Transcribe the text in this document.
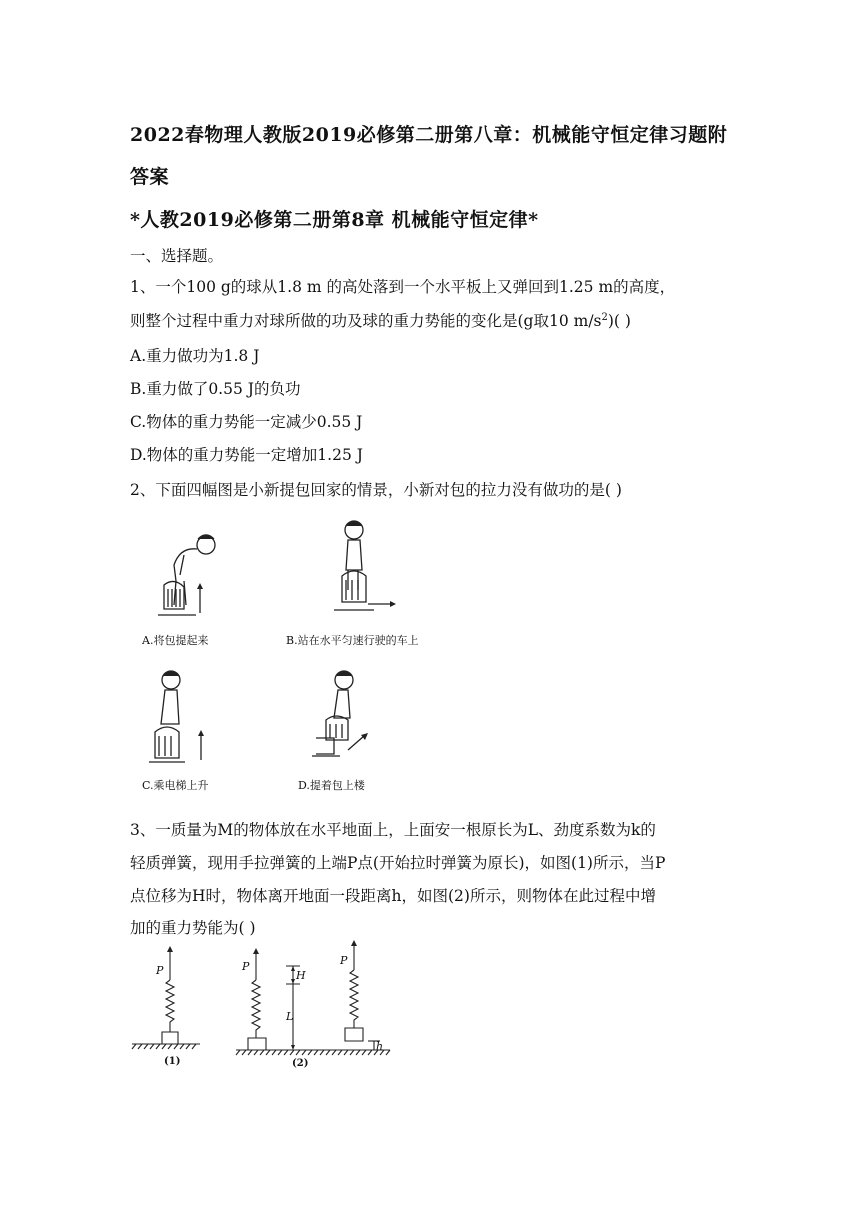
2022春物理人教版2019必修第二册第八章：机械能守恒定律习题附
答案
*人教2019必修第二册第8章 机械能守恒定律*
一、选择题。
1、一个100 g的球从1.8 m 的高处落到一个水平板上又弹回到1.25 m的高度，
则整个过程中重力对球所做的功及球的重力势能的变化是(g取10 $m/s^2$)( )
A.重力做功为1.8 J
B.重力做了0.55 J的负功
C.物体的重力势能一定减少0.55 J
D.物体的重力势能一定增加1.25 J
2、下面四幅图是小新提包回家的情景，小新对包的拉力没有做功的是( )
A.将包提起来	B.站在水平匀速行驶的车上
C.乘电梯上升	D.提着包上楼
3、一质量为M的物体放在水平地面上，上面安一根原长为L、劲度系数为k的
轻质弹簧，现用手拉弹簧的上端P点(开始拉时弹簧为原长)，如图(1)所示，当P
点位移为H时，物体离开地面一段距离h，如图(2)所示，则物体在此过程中增
加的重力势能为( )
P	P	P
H
L
h
(1)	(2)
